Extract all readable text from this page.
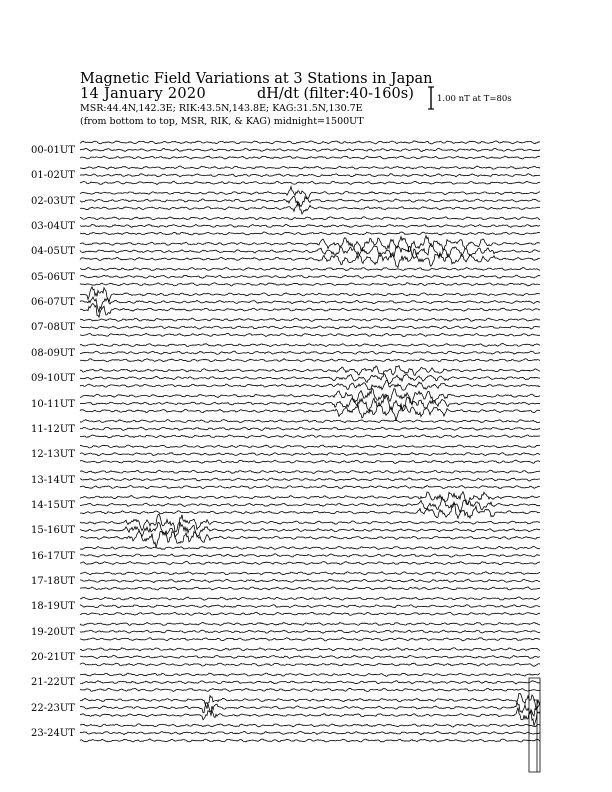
Magnetic Field Variations at 3 Stations in Japan
14 January 2020	dH/dt (filter:40-160s)
MSR:44.4N,142.3E; RIK:43.5N,143.8E; KAG:31.5N,130.7E
(from bottom to top, MSR, RIK, & KAG) midnight=1500UT
1.00 nT at T=80s
00-01UT
01-02UT
02-03UT
03-04UT
04-05UT
05-06UT
06-07UT
07-08UT
08-09UT
09-10UT
10-11UT
11-12UT
12-13UT
13-14UT
14-15UT
15-16UT
16-17UT
17-18UT
18-19UT
19-20UT
20-21UT
21-22UT
22-23UT
23-24UT
